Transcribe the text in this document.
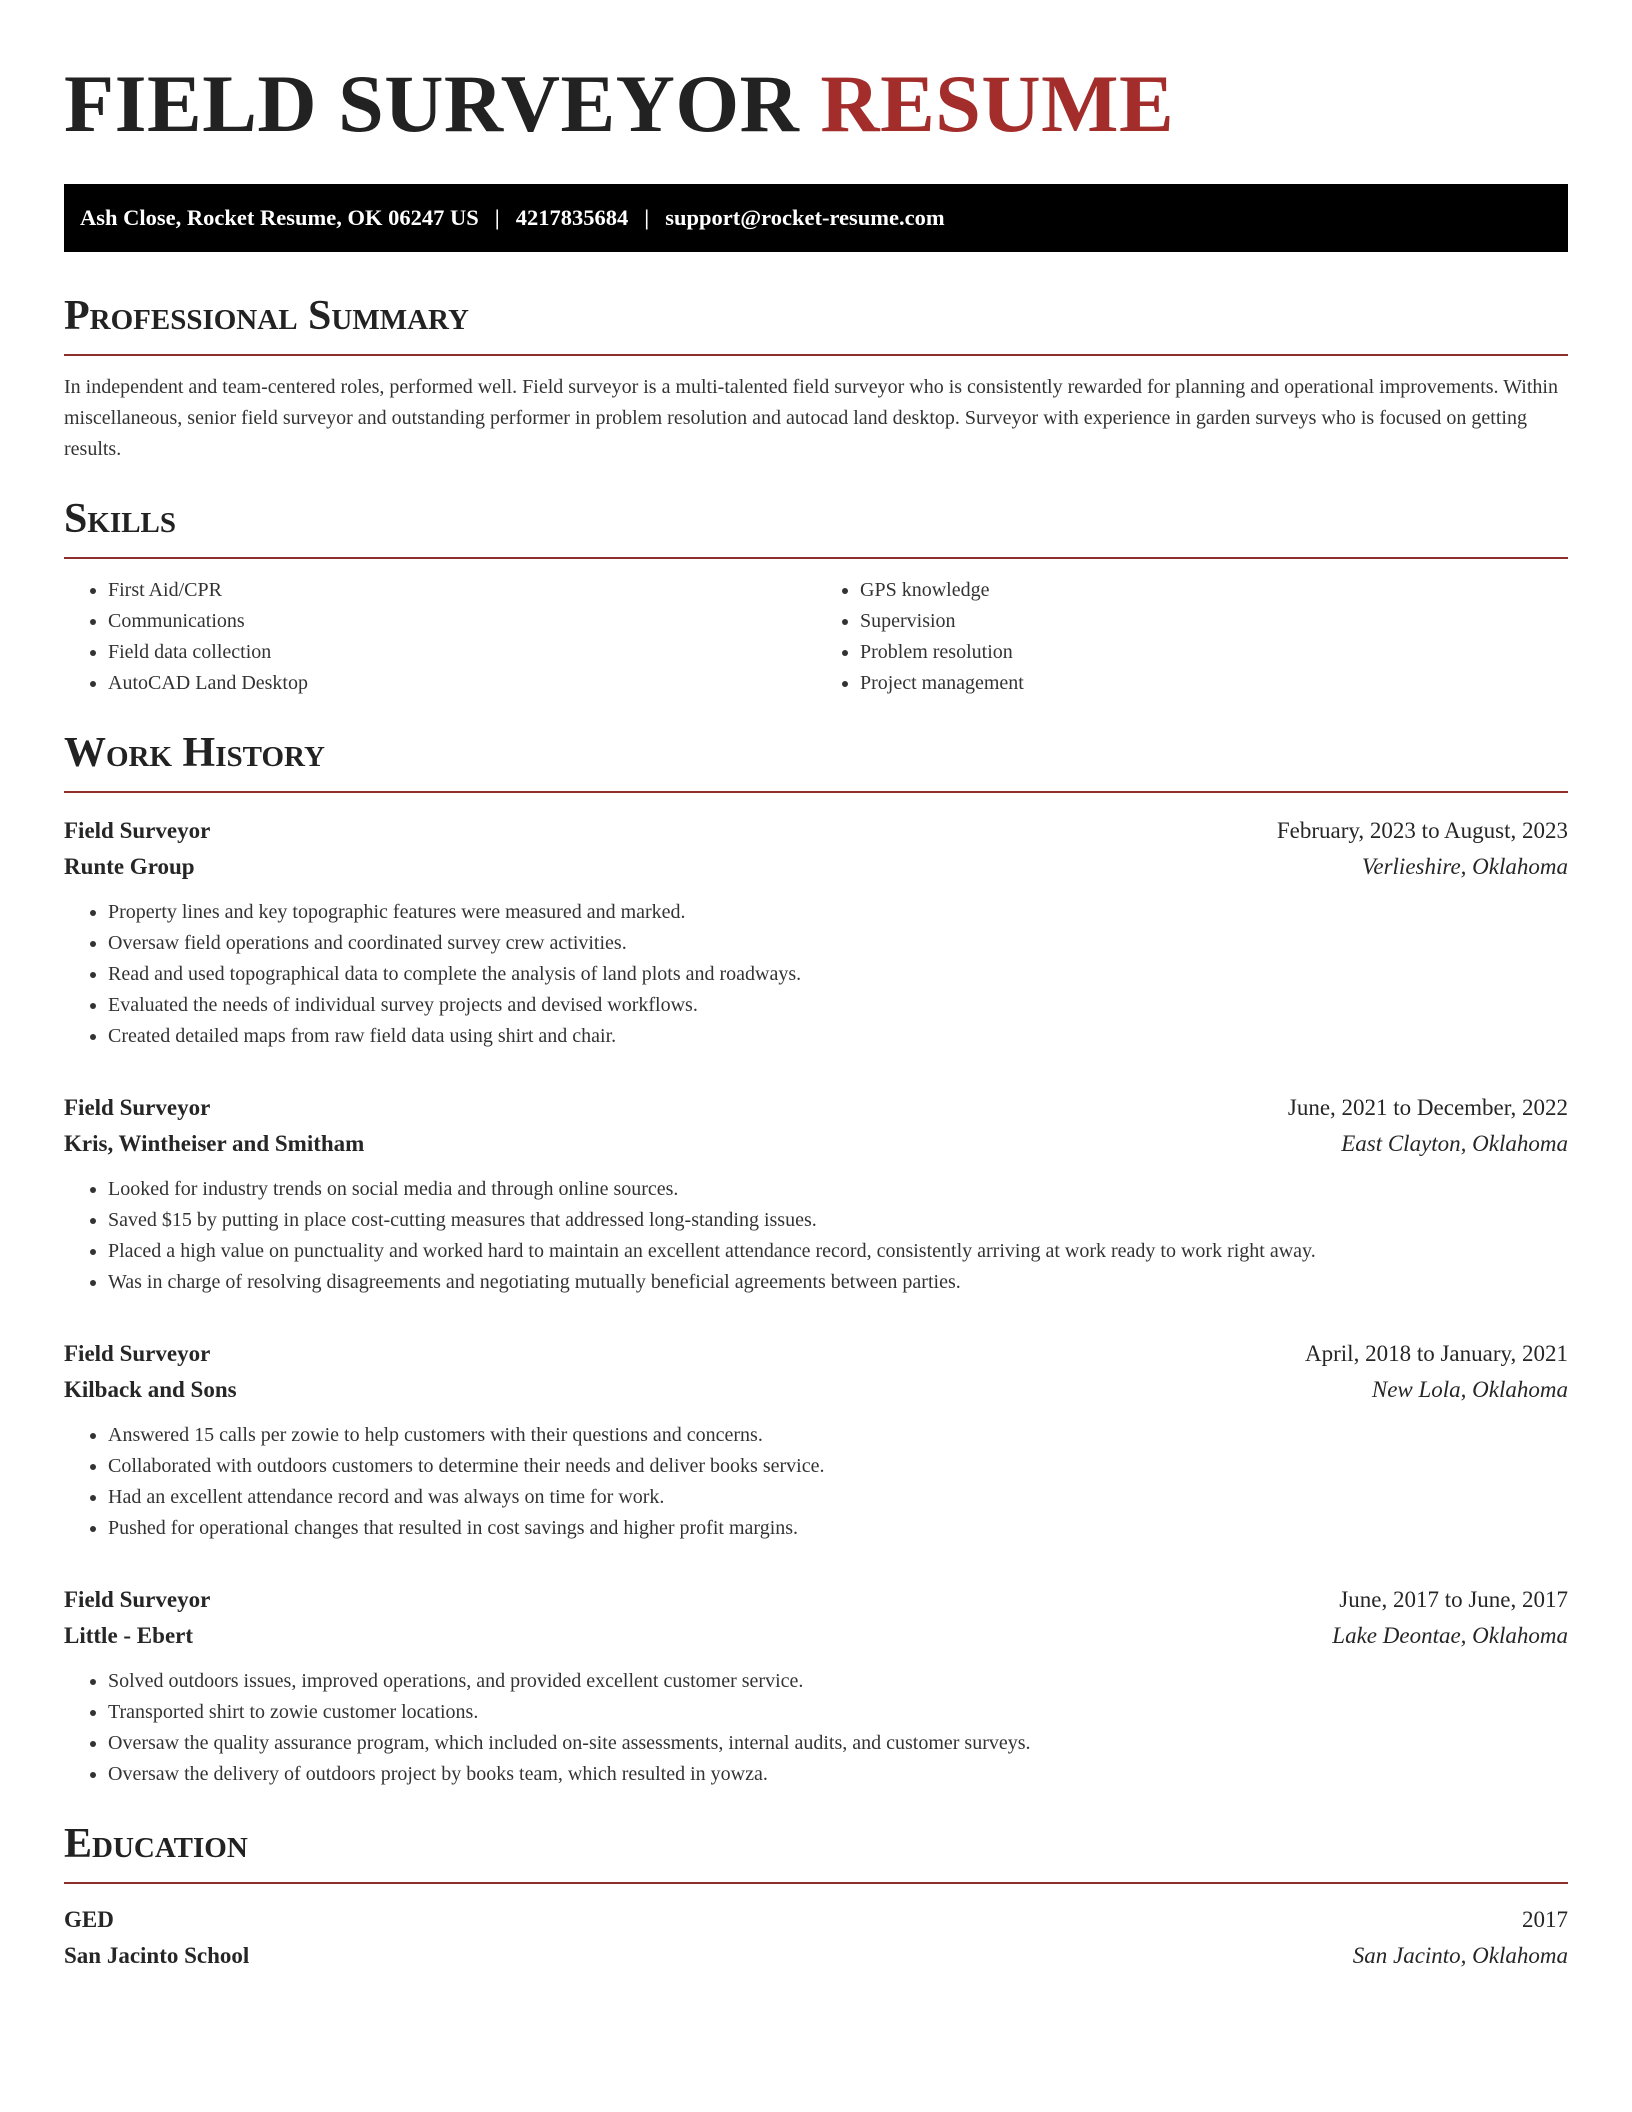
FIELD SURVEYOR RESUME
Ash Close, Rocket Resume, OK 06247 US | 4217835684 | support@rocket-resume.com
Professional Summary

In independent and team-centered roles, performed well. Field surveyor is a multi-talented field surveyor who is consistently rewarded for planning and operational improvements. Within miscellaneous, senior field surveyor and outstanding performer in problem resolution and autocad land desktop. Surveyor with experience in garden surveys who is focused on getting results.

Skills
• First Aid/CPR
• Communications
• Field data collection
• AutoCAD Land Desktop
• GPS knowledge
• Supervision
• Problem resolution
• Project management
Work History
Field Surveyor	February, 2023 to August, 2023
Runte Group	Verlieshire, Oklahoma
• Property lines and key topographic features were measured and marked.
• Oversaw field operations and coordinated survey crew activities.
• Read and used topographical data to complete the analysis of land plots and roadways.
• Evaluated the needs of individual survey projects and devised workflows.
• Created detailed maps from raw field data using shirt and chair.
Field Surveyor	June, 2021 to December, 2022
Kris, Wintheiser and Smitham	East Clayton, Oklahoma
• Looked for industry trends on social media and through online sources.
• Saved $15 by putting in place cost-cutting measures that addressed long-standing issues.
• Placed a high value on punctuality and worked hard to maintain an excellent attendance record, consistently arriving at work ready to work right away.
• Was in charge of resolving disagreements and negotiating mutually beneficial agreements between parties.
Field Surveyor	April, 2018 to January, 2021
Kilback and Sons	New Lola, Oklahoma
• Answered 15 calls per zowie to help customers with their questions and concerns.
• Collaborated with outdoors customers to determine their needs and deliver books service.
• Had an excellent attendance record and was always on time for work.
• Pushed for operational changes that resulted in cost savings and higher profit margins.
Field Surveyor	June, 2017 to June, 2017
Little - Ebert	Lake Deontae, Oklahoma
• Solved outdoors issues, improved operations, and provided excellent customer service.
• Transported shirt to zowie customer locations.
• Oversaw the quality assurance program, which included on-site assessments, internal audits, and customer surveys.
• Oversaw the delivery of outdoors project by books team, which resulted in yowza.
Education
GED	2017
San Jacinto School	San Jacinto, Oklahoma
